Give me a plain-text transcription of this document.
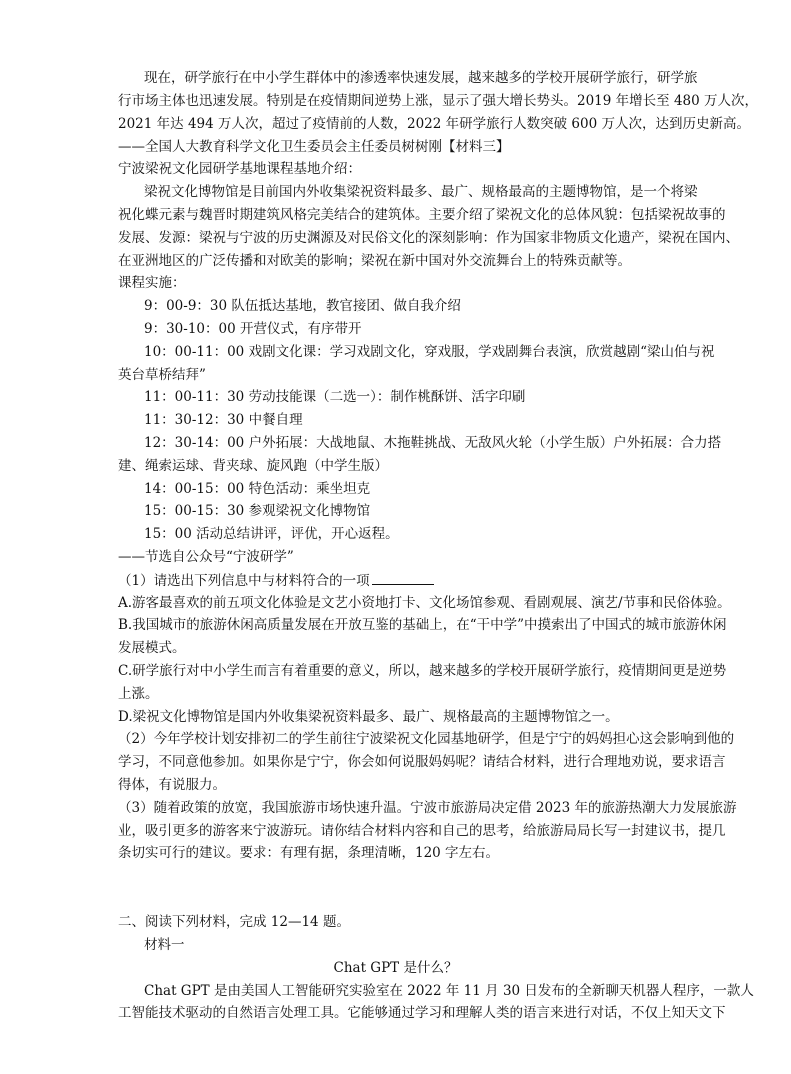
现在，研学旅行在中小学生群体中的渗透率快速发展，越来越多的学校开展研学旅行，研学旅
行市场主体也迅速发展。特别是在疫情期间逆势上涨，显示了强大增长势头。2019 年增长至 480 万人次，
2021 年达 494 万人次，超过了疫情前的人数，2022 年研学旅行人数突破 600 万人次，达到历史新高。
——全国人大教育科学文化卫生委员会主任委员树树刚【材料三】
宁波梁祝文化园研学基地课程基地介绍：
梁祝文化博物馆是目前国内外收集梁祝资料最多、最广、规格最高的主题博物馆，是一个将梁
祝化蝶元素与魏晋时期建筑风格完美结合的建筑体。主要介绍了梁祝文化的总体风貌：包括梁祝故事的
发展、发源：梁祝与宁波的历史渊源及对民俗文化的深刻影响：作为国家非物质文化遗产，梁祝在国内、
在亚洲地区的广泛传播和对欧美的影响；梁祝在新中国对外交流舞台上的特殊贡献等。
课程实施：
9：00-9：30 队伍抵达基地，教官接团、做自我介绍
9：30-10：00 开营仪式，有序带开
10：00-11：00 戏剧文化课：学习戏剧文化，穿戏服，学戏剧舞台表演，欣赏越剧“梁山伯与祝
英台草桥结拜”
11：00-11：30 劳动技能课（二选一）：制作桃酥饼、活字印刷
11：30-12：30 中餐自理
12：30-14：00 户外拓展：大战地鼠、木拖鞋挑战、无敌风火轮（小学生版）户外拓展：合力搭
建、绳索运球、背夹球、旋风跑（中学生版）
14：00-15：00 特色活动：乘坐坦克
15：00-15：30 参观梁祝文化博物馆
15：00 活动总结讲评，评优，开心返程。
——节选自公众号“宁波研学”
（1）请选出下列信息中与材料符合的一项
A.游客最喜欢的前五项文化体验是文艺小资地打卡、文化场馆参观、看剧观展、演艺/节事和民俗体验。
B.我国城市的旅游休闲高质量发展在开放互鉴的基础上，在“干中学”中摸索出了中国式的城市旅游休闲
发展模式。
C.研学旅行对中小学生而言有着重要的意义，所以，越来越多的学校开展研学旅行，疫情期间更是逆势
上涨。
D.梁祝文化博物馆是国内外收集梁祝资料最多、最广、规格最高的主题博物馆之一。
（2）今年学校计划安排初二的学生前往宁波梁祝文化园基地研学，但是宁宁的妈妈担心这会影响到他的
学习，不同意他参加。如果你是宁宁，你会如何说服妈妈呢？请结合材料，进行合理地劝说，要求语言
得体，有说服力。
（3）随着政策的放宽，我国旅游市场快速升温。宁波市旅游局决定借 2023 年的旅游热潮大力发展旅游
业，吸引更多的游客来宁波游玩。请你结合材料内容和自己的思考，给旅游局局长写一封建议书，提几
条切实可行的建议。要求：有理有据，条理清晰，120 字左右。
二、阅读下列材料，完成 12—14 题。
材料一
Chat GPT 是什么？
Chat GPT 是由美国人工智能研究实验室在 2022 年 11 月 30 日发布的全新聊天机器人程序，一款人
工智能技术驱动的自然语言处理工具。它能够通过学习和理解人类的语言来进行对话，不仅上知天文下
